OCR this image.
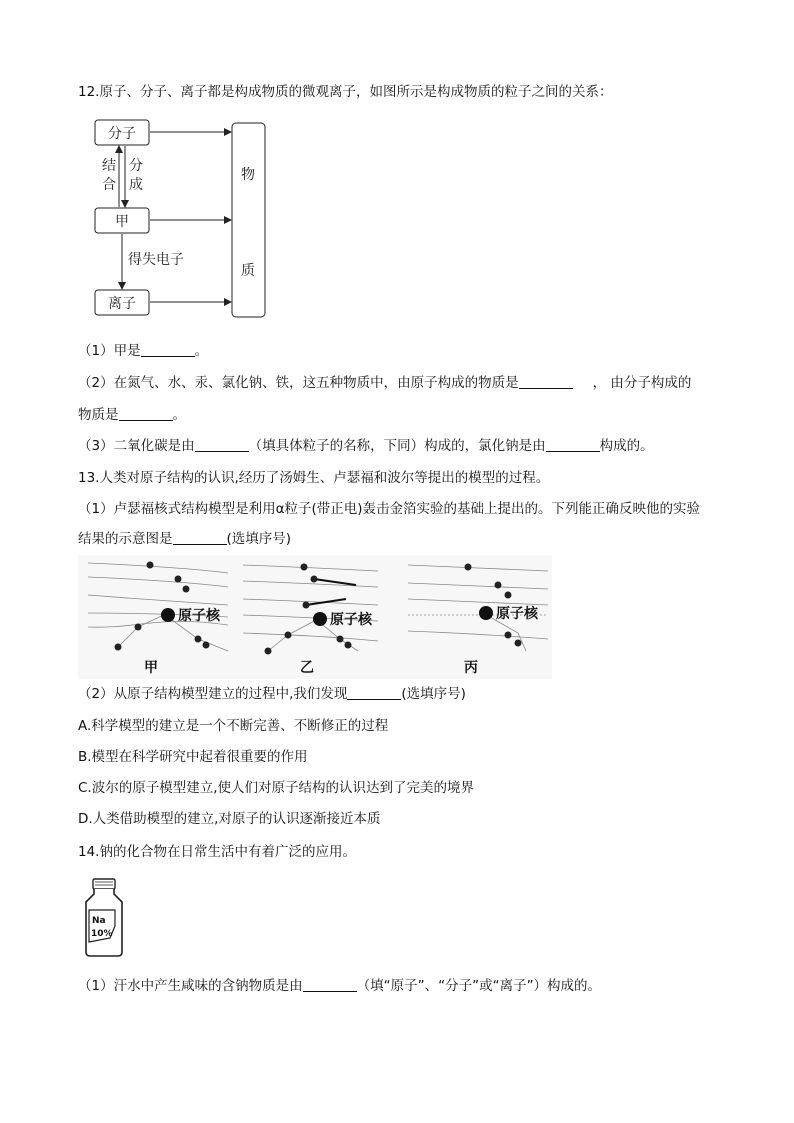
12.原子、分子、离子都是构成物质的微观离子，如图所示是构成物质的粒子之间的关系：
分子
甲
离子
物
质
结
合
分
成
得失电子
（1）甲是	。
（2）在氮气、水、汞、氯化钠、铁，这五种物质中，由原子构成的物质是	， 由分子构成的
物质是	。
（3）二氧化碳是由	（填具体粒子的名称，下同）构成的，氯化钠是由	构成的。
13.人类对原子结构的认识,经历了汤姆生、卢瑟福和波尔等提出的模型的过程。
（1）卢瑟福核式结构模型是利用α粒子(带正电)轰击金箔实验的基础上提出的。下列能正确反映他的实验
结果的示意图是	(选填序号)
原子核
甲
原子核
乙
原子核
丙
（2）从原子结构模型建立的过程中,我们发现	(选填序号)
A.科学模型的建立是一个不断完善、不断修正的过程
B.模型在科学研究中起着很重要的作用
C.波尔的原子模型建立,使人们对原子结构的认识达到了完美的境界
D.人类借助模型的建立,对原子的认识逐渐接近本质
14.钠的化合物在日常生活中有着广泛的应用。
Na
10%
（1）汗水中产生咸味的含钠物质是由	（填“原子”、“分子”或“离子”）构成的。
